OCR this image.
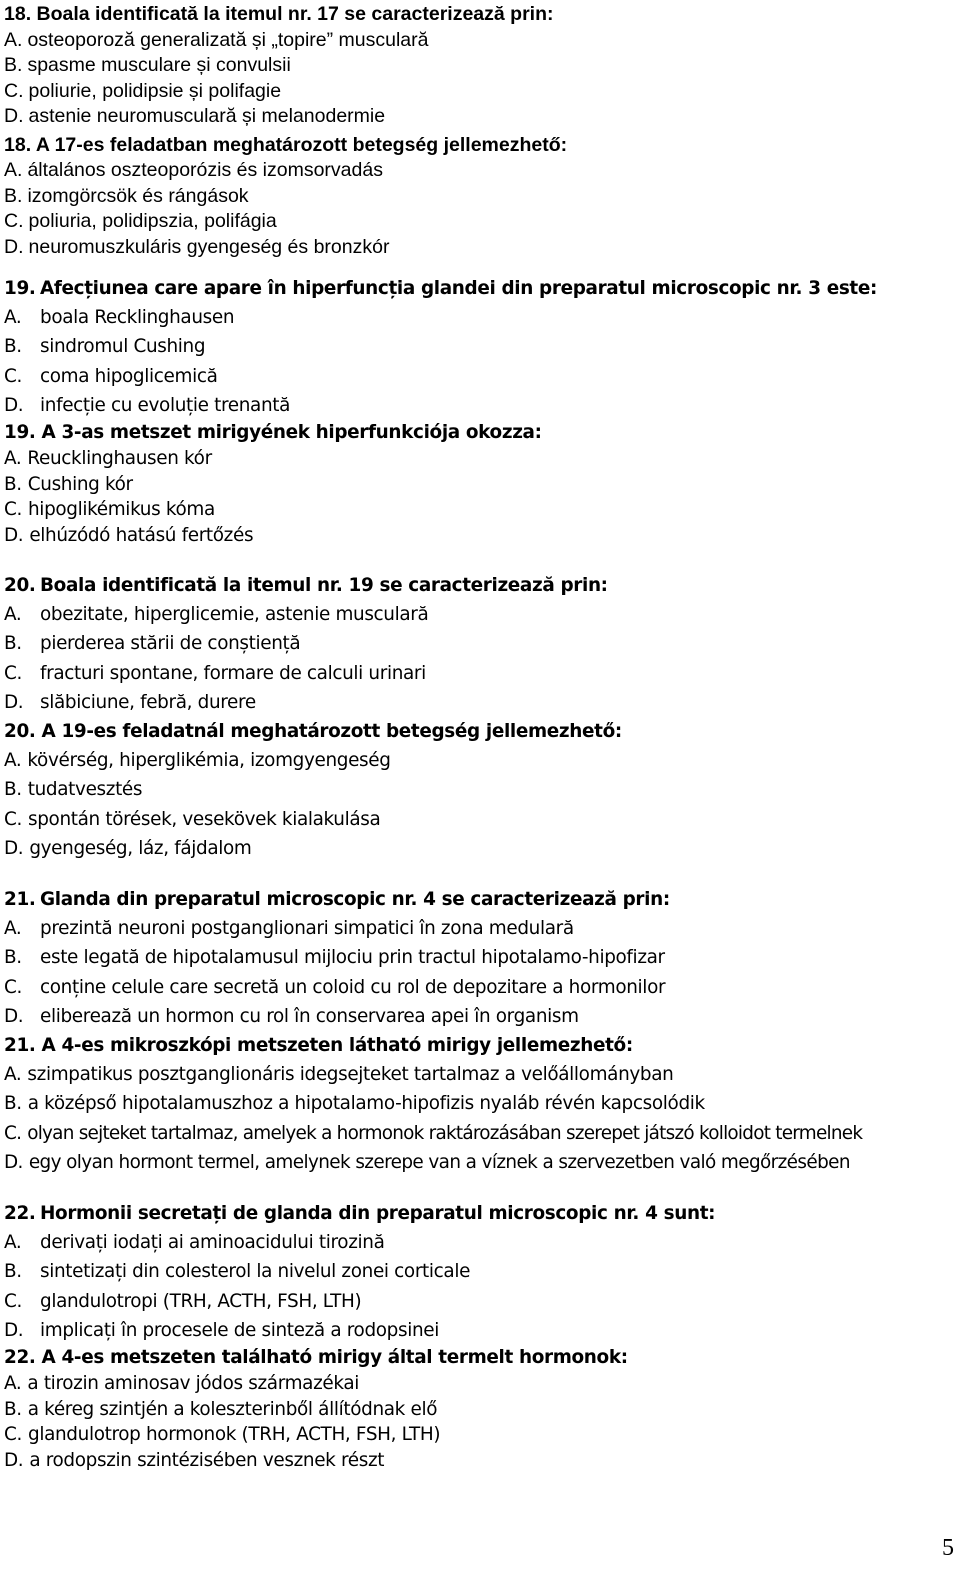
18. Boala identificată la itemul nr. 17 se caracterizează prin:
A. osteoporoză generalizată și „topire” musculară
B. spasme musculare și convulsii
C. poliurie, polidipsie și polifagie
D. astenie neuromusculară și melanodermie
18. A 17-es feladatban meghatározott betegség jellemezhető:
A. általános oszteoporózis és izomsorvadás
B. izomgörcsök és rángások
C. poliuria, polidipszia, polifágia
D. neuromuszkuláris gyengeség és bronzkór
19. Afecțiunea care apare în hiperfuncția glandei din preparatul microscopic nr. 3 este:
A.	boala Recklinghausen
B. sindromul Cushing
C. coma hipoglicemică
D. infecție cu evoluție trenantă
19. A 3-as metszet mirigyének hiperfunkciója okozza:
A. Reucklinghausen kór
B. Cushing kór
C. hipoglikémikus kóma
D. elhúzódó hatású fertőzés
20. Boala identificată la itemul nr. 19 se caracterizează prin:
A.	obezitate, hiperglicemie, astenie musculară
B. pierderea stării de conștiență
C. fracturi spontane, formare de calculi urinari
D. slăbiciune, febră, durere
20. A 19-es feladatnál meghatározott betegség jellemezhető:
A. kövérség, hiperglikémia, izomgyengeség
B. tudatvesztés
C. spontán törések, vesekövek kialakulása
D. gyengeség, láz, fájdalom
21. Glanda din preparatul microscopic nr. 4 se caracterizează prin:
A.	prezintă neuroni postganglionari simpatici în zona medulară
B. este legată de hipotalamusul mijlociu prin tractul hipotalamo-hipofizar
C. conține celule care secretă un coloid cu rol de depozitare a hormonilor
D. eliberează un hormon cu rol în conservarea apei în organism
21. A 4-es mikroszkópi metszeten látható mirigy jellemezhető:
A. szimpatikus posztganglionáris idegsejteket tartalmaz a velőállományban
B. a középső hipotalamuszhoz a hipotalamo-hipofizis nyaláb révén kapcsolódik
C. olyan sejteket tartalmaz, amelyek a hormonok raktározásában szerepet játszó kolloidot termelnek
D. egy olyan hormont termel, amelynek szerepe van a víznek a szervezetben való megőrzésében
22. Hormonii secretați de glanda din preparatul microscopic nr. 4 sunt:
A.	derivați iodați ai aminoacidului tirozină
B. sintetizați din colesterol la nivelul zonei corticale
C. glandulotropi (TRH, ACTH, FSH, LTH)
D. implicați în procesele de sinteză a rodopsinei
22. A 4-es metszeten található mirigy által termelt hormonok:
A. a tirozin aminosav jódos származékai
B. a kéreg szintjén a koleszterinből állítódnak elő
C. glandulotrop hormonok (TRH, ACTH, FSH, LTH)
D. a rodopszin szintézisében vesznek részt
5
